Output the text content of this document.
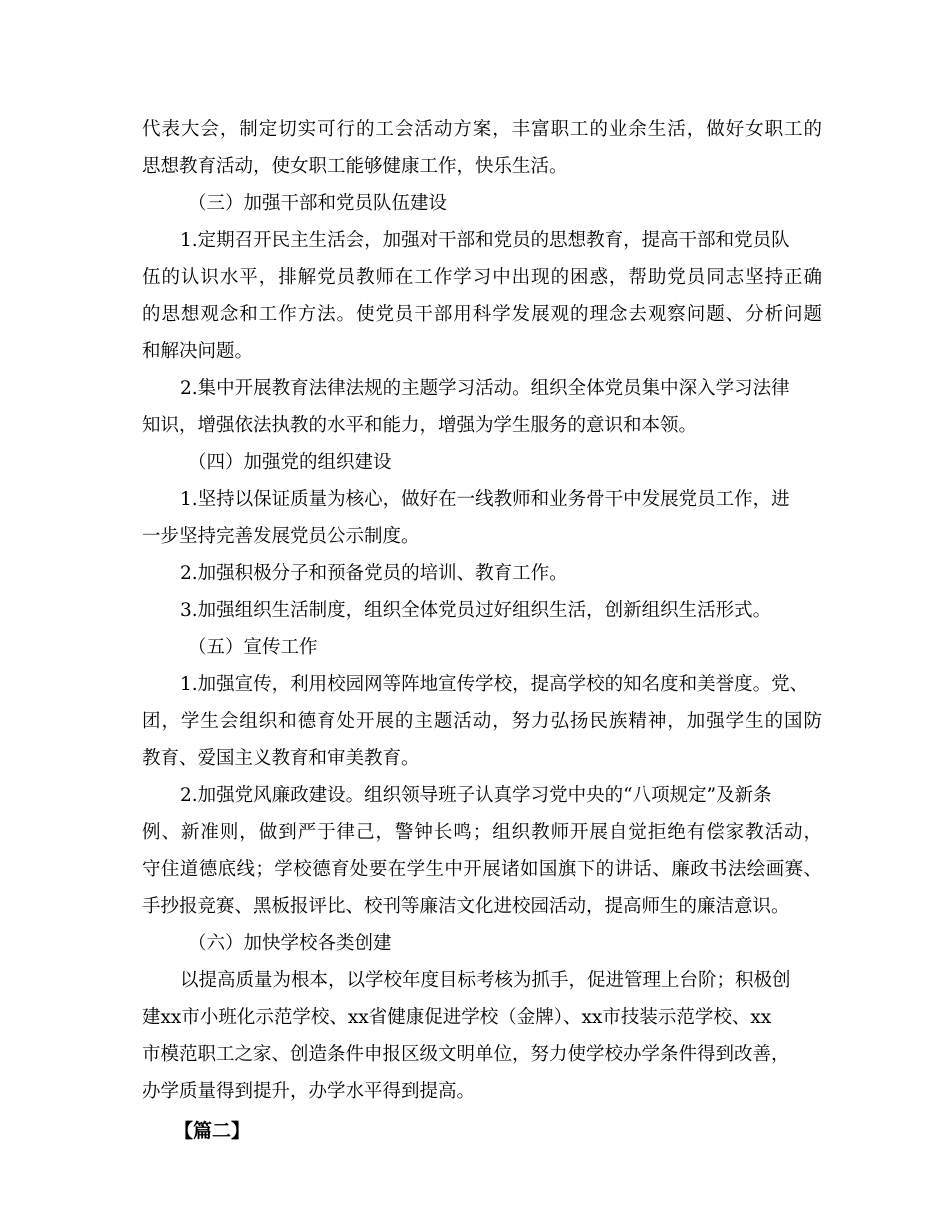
代表大会，制定切实可行的工会活动方案，丰富职工的业余生活，做好女职工的
思想教育活动，使女职工能够健康工作，快乐生活。
（三）加强干部和党员队伍建设
1.定期召开民主生活会，加强对干部和党员的思想教育，提高干部和党员队
伍的认识水平，排解党员教师在工作学习中出现的困惑，帮助党员同志坚持正确
的思想观念和工作方法。使党员干部用科学发展观的理念去观察问题、分析问题
和解决问题。
2.集中开展教育法律法规的主题学习活动。组织全体党员集中深入学习法律
知识，增强依法执教的水平和能力，增强为学生服务的意识和本领。
（四）加强党的组织建设
1.坚持以保证质量为核心，做好在一线教师和业务骨干中发展党员工作，进
一步坚持完善发展党员公示制度。
2.加强积极分子和预备党员的培训、教育工作。
3.加强组织生活制度，组织全体党员过好组织生活，创新组织生活形式。
（五）宣传工作
1.加强宣传，利用校园网等阵地宣传学校，提高学校的知名度和美誉度。党、
团，学生会组织和德育处开展的主题活动，努力弘扬民族精神，加强学生的国防
教育、爱国主义教育和审美教育。
2.加强党风廉政建设。组织领导班子认真学习党中央的“八项规定”及新条
例、新准则，做到严于律己，警钟长鸣；组织教师开展自觉拒绝有偿家教活动，
守住道德底线；学校德育处要在学生中开展诸如国旗下的讲话、廉政书法绘画赛、
手抄报竞赛、黑板报评比、校刊等廉洁文化进校园活动，提高师生的廉洁意识。
（六）加快学校各类创建
以提高质量为根本，以学校年度目标考核为抓手，促进管理上台阶；积极创
建xx市小班化示范学校、xx省健康促进学校（金牌）、xx市技装示范学校、xx
市模范职工之家、创造条件申报区级文明单位，努力使学校办学条件得到改善，
办学质量得到提升，办学水平得到提高。
【篇二】
